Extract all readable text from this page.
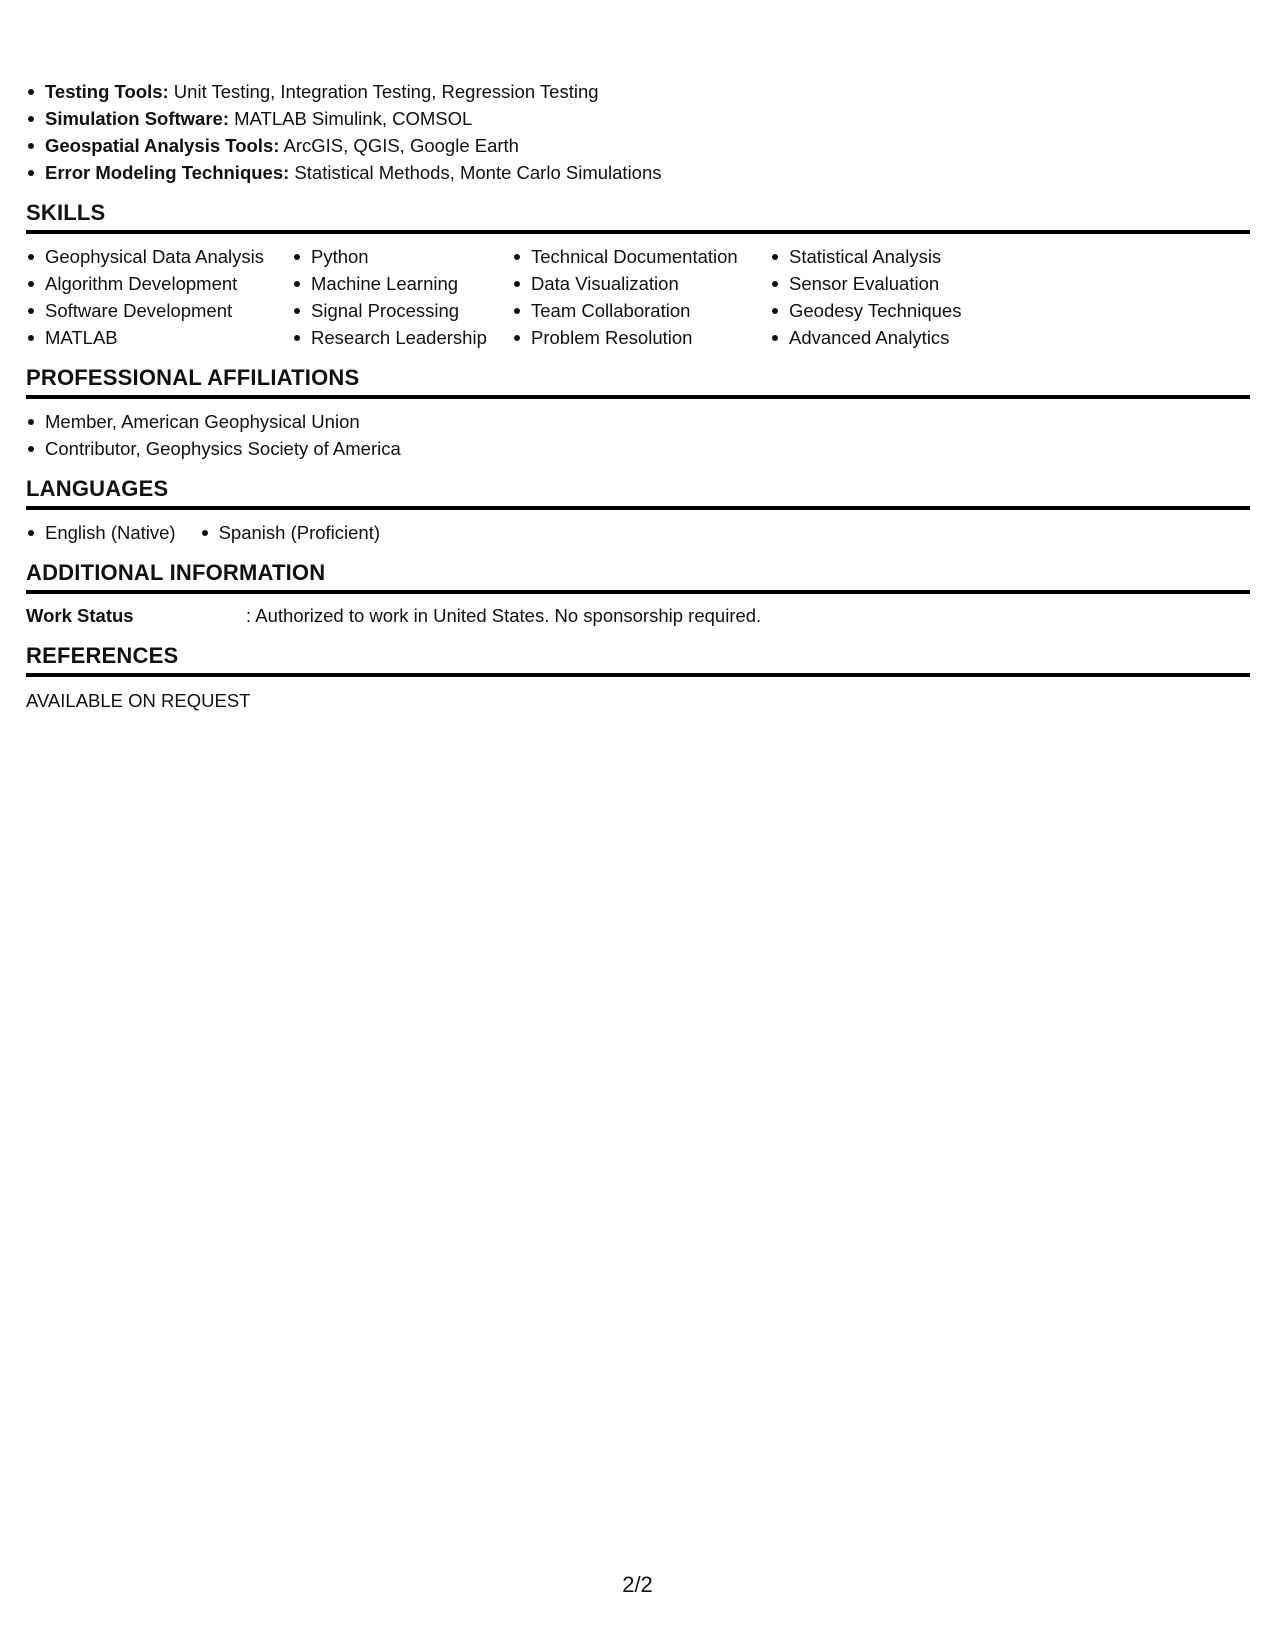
Testing Tools: Unit Testing, Integration Testing, Regression Testing
Simulation Software: MATLAB Simulink, COMSOL
Geospatial Analysis Tools: ArcGIS, QGIS, Google Earth
Error Modeling Techniques: Statistical Methods, Monte Carlo Simulations
SKILLS
Geophysical Data Analysis
Algorithm Development
Software Development
MATLAB
Python
Machine Learning
Signal Processing
Research Leadership
Technical Documentation
Data Visualization
Team Collaboration
Problem Resolution
Statistical Analysis
Sensor Evaluation
Geodesy Techniques
Advanced Analytics
PROFESSIONAL AFFILIATIONS
Member, American Geophysical Union
Contributor, Geophysics Society of America
LANGUAGES
English (Native)	Spanish (Proficient)
ADDITIONAL INFORMATION
Work Status	: Authorized to work in United States. No sponsorship required.
REFERENCES
AVAILABLE ON REQUEST
2/2
